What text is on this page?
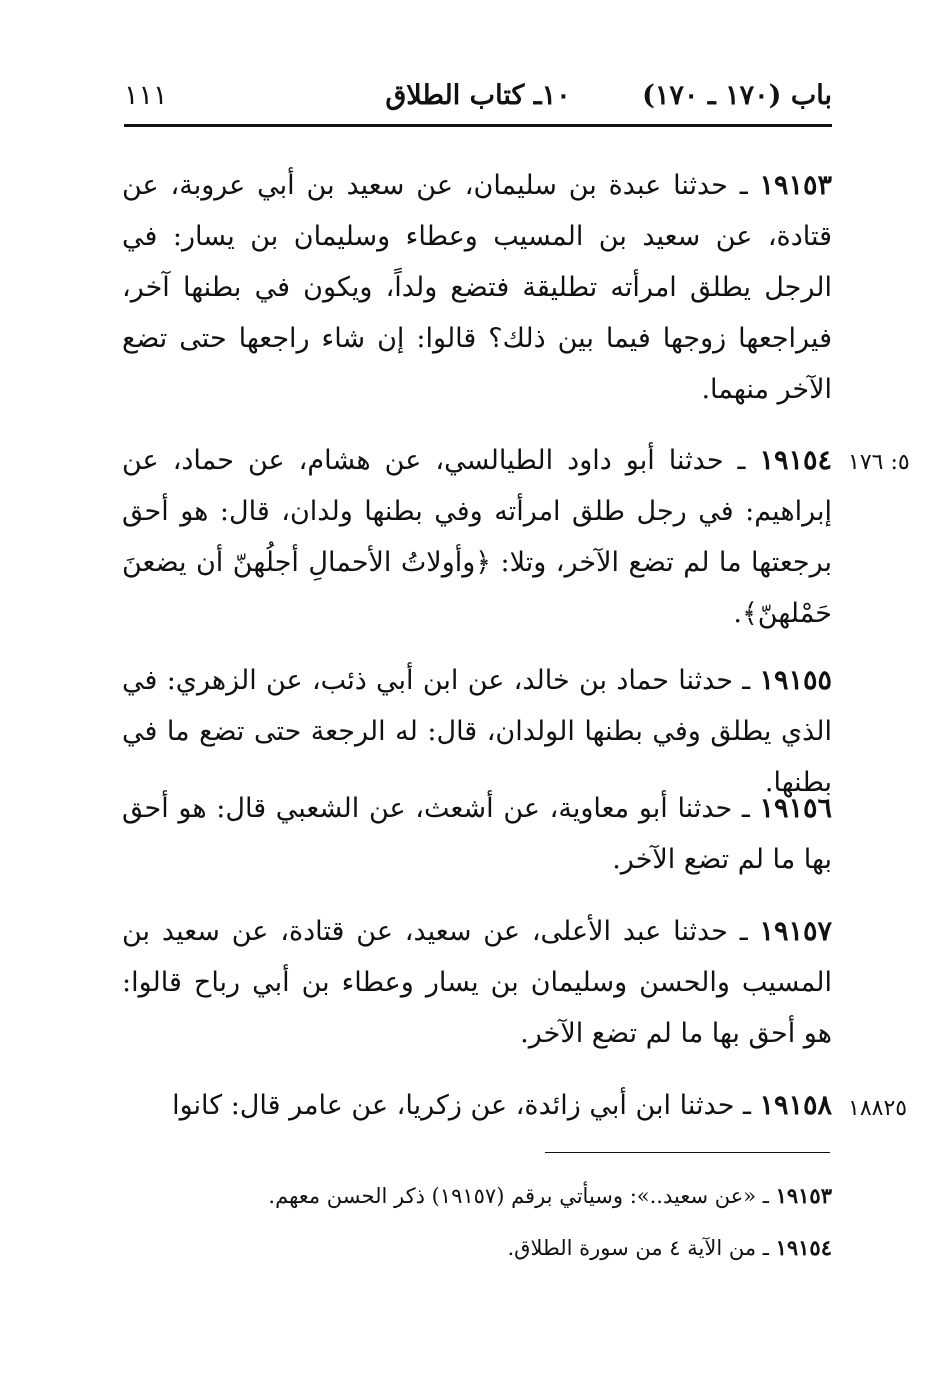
باب (١٧٠ ـ ١٧٠)
١٠ـ كتاب الطلاق
١١١
١٩١٥٣ ـ حدثنا عبدة بن سليمان، عن سعيد بن أبي عروبة، عن قتادة، عن سعيد بن المسيب وعطاء وسليمان بن يسار: في الرجل يطلق امرأته تطليقة فتضع ولداً، ويكون في بطنها آخر، فيراجعها زوجها فيما بين ذلك؟ قالوا: إن شاء راجعها حتى تضع الآخر منهما.
٥: ١٧٦
١٩١٥٤ ـ حدثنا أبو داود الطيالسي، عن هشام، عن حماد، عن إبراهيم: في رجل طلق امرأته وفي بطنها ولدان، قال: هو أحق برجعتها ما لم تضع الآخر، وتلا: ﴿وأولاتُ الأحمالِ أجلُهنّ أن يضعنَ حَمْلهنّ﴾.
١٩١٥٥ ـ حدثنا حماد بن خالد، عن ابن أبي ذئب، عن الزهري: في الذي يطلق وفي بطنها الولدان، قال: له الرجعة حتى تضع ما في بطنها.
١٩١٥٦ ـ حدثنا أبو معاوية، عن أشعث، عن الشعبي قال: هو أحق بها ما لم تضع الآخر.
١٩١٥٧ ـ حدثنا عبد الأعلى، عن سعيد، عن قتادة، عن سعيد بن المسيب والحسن وسليمان بن يسار وعطاء بن أبي رباح قالوا: هو أحق بها ما لم تضع الآخر.
١٨٨٢٥
١٩١٥٨ ـ حدثنا ابن أبي زائدة، عن زكريا، عن عامر قال: كانوا
١٩١٥٣ ـ «عن سعيد..»: وسيأتي برقم (١٩١٥٧) ذكر الحسن معهم.
١٩١٥٤ ـ من الآية ٤ من سورة الطلاق.
